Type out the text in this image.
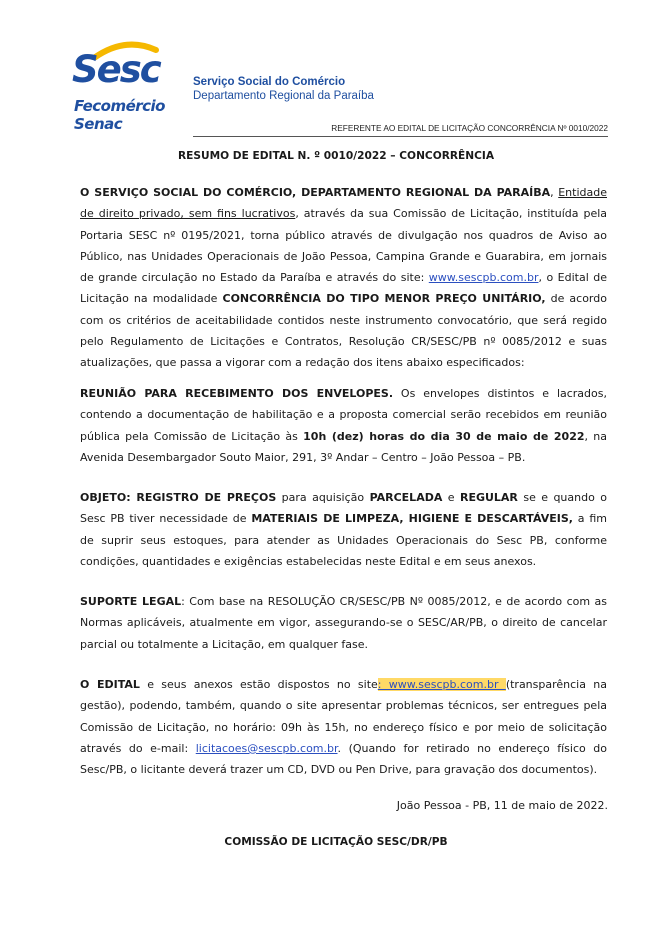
Sesc
Fecomércio
Senac
Serviço Social do Comércio
Departamento Regional da Paraíba
REFERENTE AO EDITAL DE LICITAÇÃO CONCORRÊNCIA Nº 0010/2022
RESUMO DE EDITAL N. º 0010/2022 – CONCORRÊNCIA
O SERVIÇO SOCIAL DO COMÉRCIO, DEPARTAMENTO REGIONAL DA PARAÍBA, Entidade de direito privado, sem fins lucrativos, através da sua Comissão de Licitação, instituída pela Portaria SESC nº 0195/2021, torna público através de divulgação nos quadros de Aviso ao Público, nas Unidades Operacionais de João Pessoa, Campina Grande e Guarabira, em jornais de grande circulação no Estado da Paraíba e através do site: www.sescpb.com.br, o Edital de Licitação na modalidade CONCORRÊNCIA DO TIPO MENOR PREÇO UNITÁRIO, de acordo com os critérios de aceitabilidade contidos neste instrumento convocatório, que será regido pelo Regulamento de Licitações e Contratos, Resolução CR/SESC/PB nº 0085/2012 e suas atualizações, que passa a vigorar com a redação dos itens abaixo especificados:
REUNIÃO PARA RECEBIMENTO DOS ENVELOPES. Os envelopes distintos e lacrados, contendo a documentação de habilitação e a proposta comercial serão recebidos em reunião pública pela Comissão de Licitação às 10h (dez) horas do dia 30 de maio de 2022, na Avenida Desembargador Souto Maior, 291, 3º Andar – Centro – João Pessoa – PB.
OBJETO: REGISTRO DE PREÇOS para aquisição PARCELADA e REGULAR se e quando o Sesc PB tiver necessidade de MATERIAIS DE LIMPEZA, HIGIENE E DESCARTÁVEIS, a fim de suprir seus estoques, para atender as Unidades Operacionais do Sesc PB, conforme condições, quantidades e exigências estabelecidas neste Edital e em seus anexos.
SUPORTE LEGAL: Com base na RESOLUÇÃO CR/SESC/PB Nº 0085/2012, e de acordo com as Normas aplicáveis, atualmente em vigor, assegurando-se o SESC/AR/PB, o direito de cancelar parcial ou totalmente a Licitação, em qualquer fase.
O EDITAL e seus anexos estão dispostos no site: www.sescpb.com.br (transparência na gestão), podendo, também, quando o site apresentar problemas técnicos, ser entregues pela Comissão de Licitação, no horário: 09h às 15h, no endereço físico e por meio de solicitação através do e-mail: licitacoes@sescpb.com.br. (Quando for retirado no endereço físico do Sesc/PB, o licitante deverá trazer um CD, DVD ou Pen Drive, para gravação dos documentos).
João Pessoa - PB, 11 de maio de 2022.
COMISSÃO DE LICITAÇÃO SESC/DR/PB
